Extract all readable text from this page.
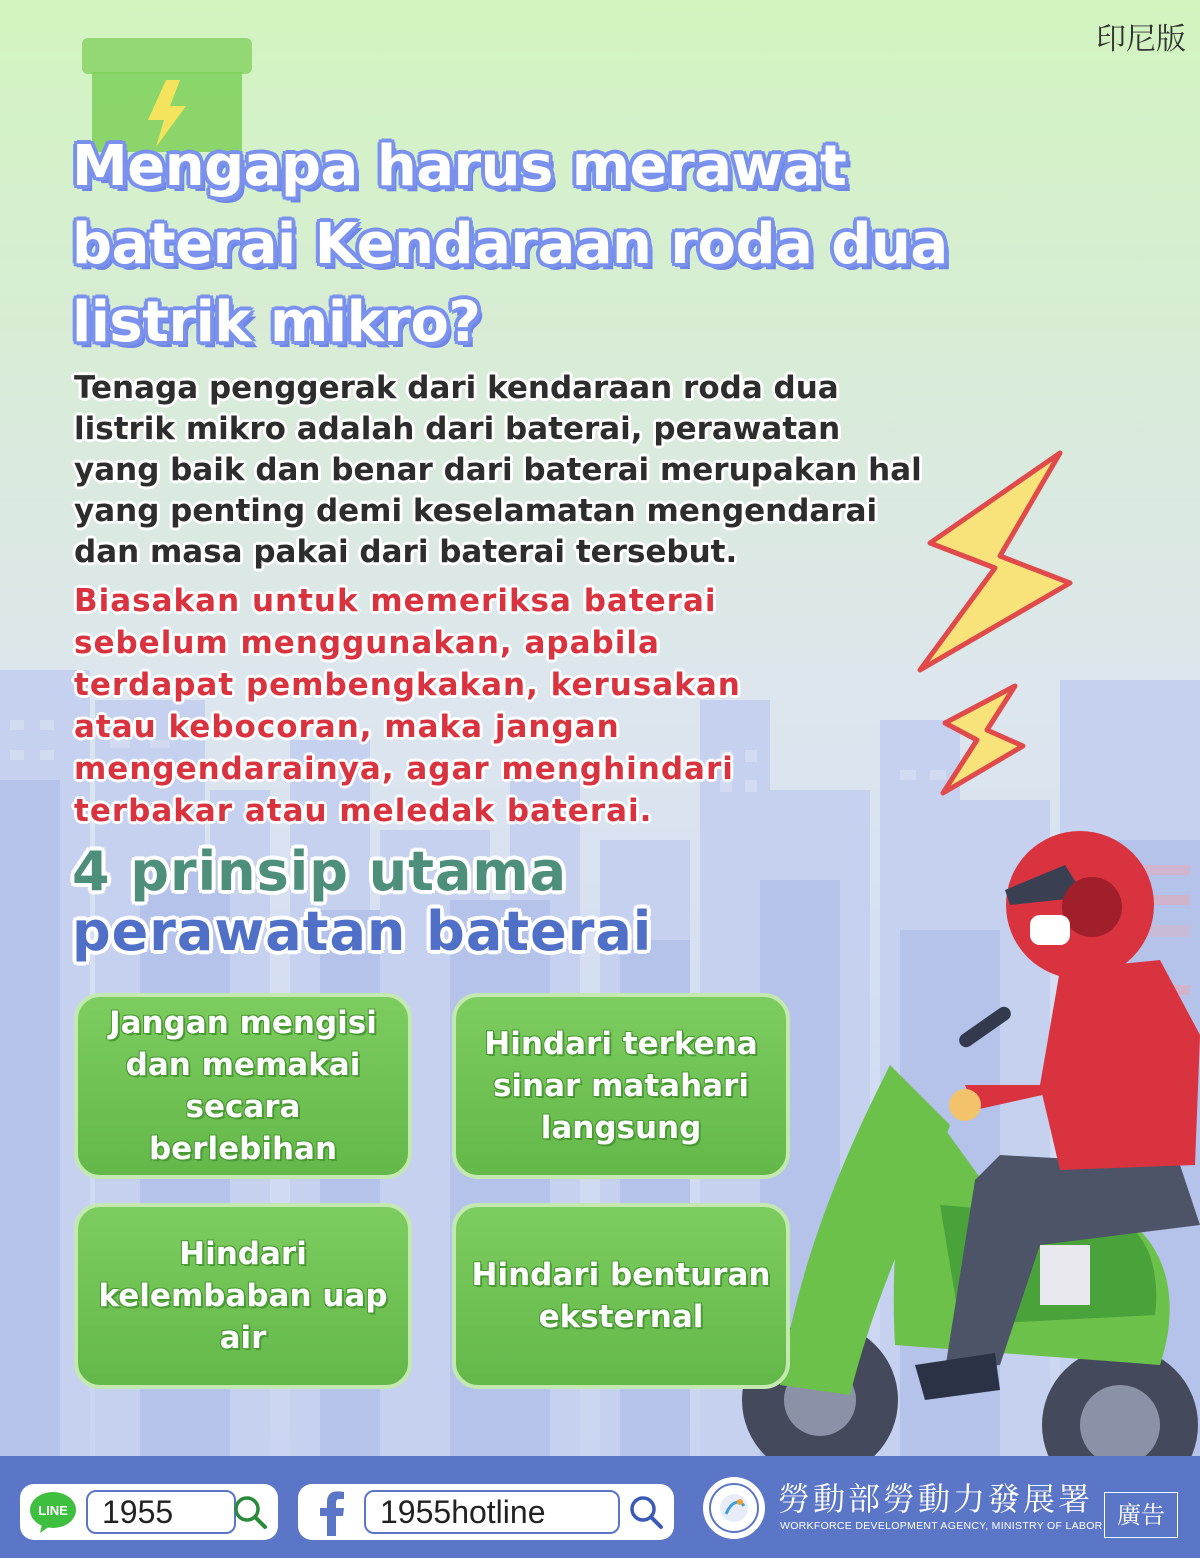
印尼版
Mengapa harus merawat baterai Kendaraan roda dua listrik mikro?

Tenaga penggerak dari kendaraan roda dua listrik mikro adalah dari baterai, perawatan yang baik dan benar dari baterai merupakan hal yang penting demi keselamatan mengendarai dan masa pakai dari baterai tersebut.

Biasakan untuk memeriksa baterai sebelum menggunakan, apabila terdapat pembengkakan, kerusakan atau kebocoran, maka jangan mengendarainya, agar menghindari terbakar atau meledak baterai.

4 prinsip utama
perawatan baterai
Jangan mengisi dan memakai secara berlebihan
Hindari terkena sinar matahari langsung
Hindari kelembaban uap air
Hindari benturan eksternal
LINE	1955	1955hotline	勞動部勞動力發展署
WORKFORCE DEVELOPMENT AGENCY, MINISTRY OF LABOR 廣告
